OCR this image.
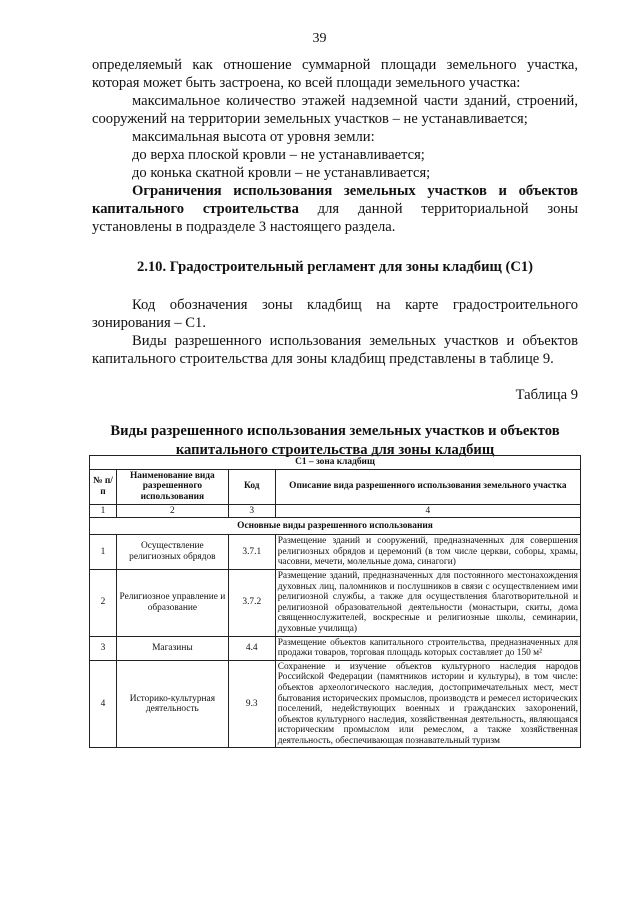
39

определяемый как отношение суммарной площади земельного участка, которая может быть застроена, ко всей площади земельного участка:

максимальное количество этажей надземной части зданий, строений, сооружений на территории земельных участков – не устанавливается;

максимальная высота от уровня земли:

до верха плоской кровли – не устанавливается;

до конька скатной кровли – не устанавливается;

Ограничения использования земельных участков и объектов капитального строительства для данной территориальной зоны установлены в подразделе 3 настоящего раздела.

2.10. Градостроительный регламент для зоны кладбищ (С1)

Код обозначения зоны кладбищ на карте градостроительного зонирования – С1.

Виды разрешенного использования земельных участков и объектов капитального строительства для зоны кладбищ представлены в таблице 9.

Таблица 9
Виды разрешенного использования земельных участков и объектов капитального строительства для зоны кладбищ
С1 – зона кладбищ			
№ п/п	Наименование вида разрешенного использования	Код	Описание вида разрешенного использования земельного участка
1	2	3	4
Основные виды разрешенного использования			
1	Осуществление религиозных обрядов	3.7.1	Размещение зданий и сооружений, предназначенных для совершения религиозных обрядов и церемоний (в том числе церкви, соборы, храмы, часовни, мечети, молельные дома, синагоги)
2	Религиозное управление и образование	3.7.2	Размещение зданий, предназначенных для постоянного местонахождения духовных лиц, паломников и послушников в связи с осуществлением ими религиозной службы, а также для осуществления благотворительной и религиозной образовательной деятельности (монастыри, скиты, дома священнослужителей, воскресные и религиозные школы, семинарии, духовные училища)
3	Магазины	4.4	Размещение объектов капитального строительства, предназначенных для продажи товаров, торговая площадь которых составляет до 150 м²
4	Историко-культурная деятельность	9.3	Сохранение и изучение объектов культурного наследия народов Российской Федерации (памятников истории и культуры), в том числе: объектов археологического наследия, достопримечательных мест, мест бытования исторических промыслов, производств и ремесел исторических поселений, недействующих военных и гражданских захоронений, объектов культурного наследия, хозяйственная деятельность, являющаяся историческим промыслом или ремеслом, а также хозяйственная деятельность, обеспечивающая познавательный туризм
